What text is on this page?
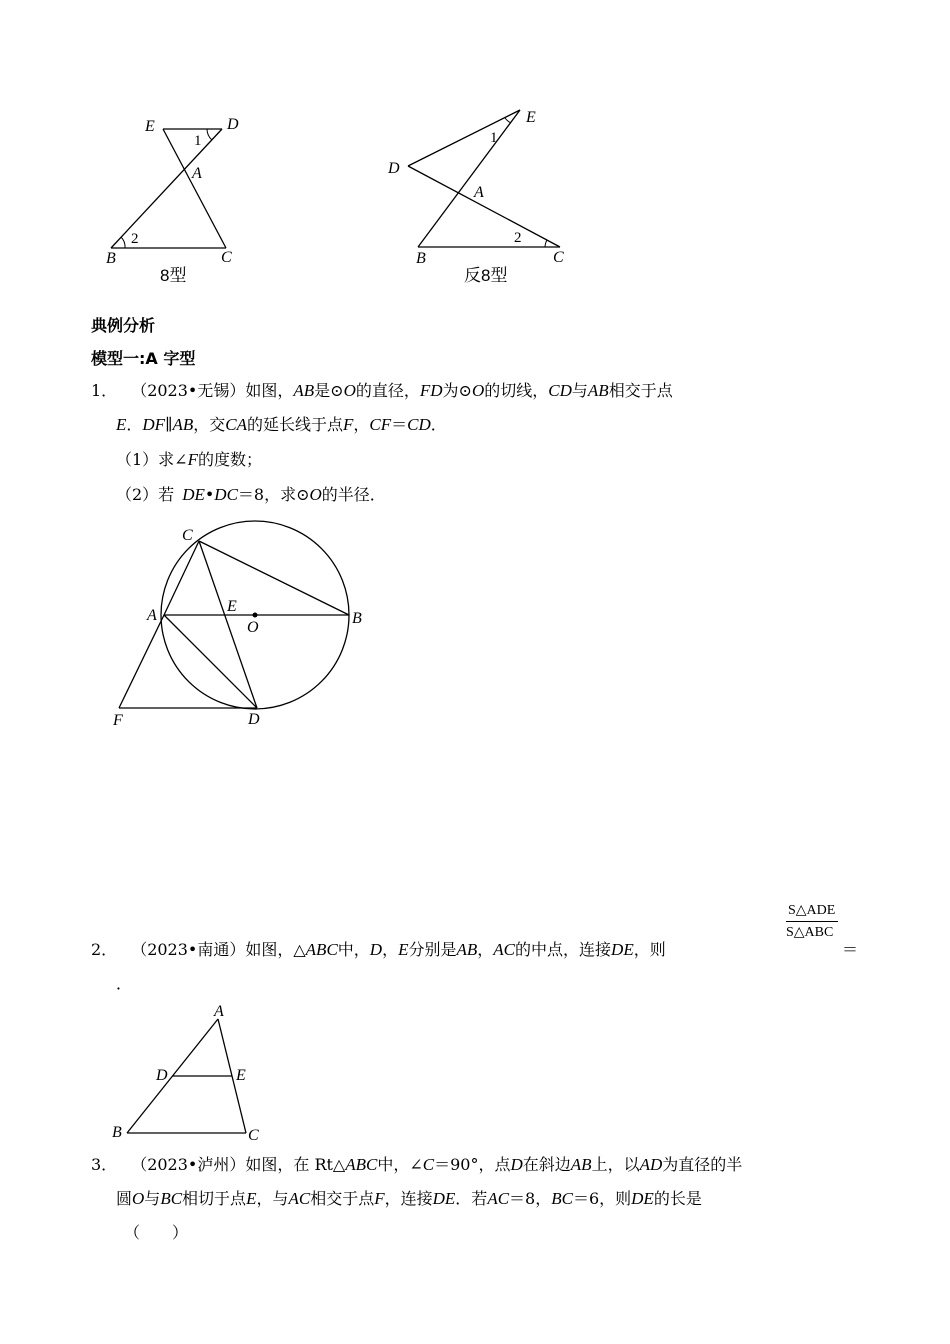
E	D
1
A
2
B	C
8型
E
D
1
A
2
B	C
反8型
典例分析
模型一:A 字型
1． （2023•无锡）如图，AB是⊙O的直径，FD为⊙O的切线，CD与AB相交于点
E．DF∥AB，交CA的延长线于点F，CF＝CD．
（1）求∠F的度数；
（2）若 DE•DC＝8，求⊙O的半径．
C
A
E
O
B
F	D
2． （2023•南通）如图，△ABC中，D，E分别是AB，AC的中点，连接DE，则
S△ADE
S△ABC
＝
．
A
D	E
B	C
3． （2023•泸州）如图，在 Rt△ABC中，∠C＝90°，点D在斜边AB上，以AD为直径的半
圆O与BC相切于点E，与AC相交于点F，连接DE．若AC＝8，BC＝6，则DE的长是
（　　）
